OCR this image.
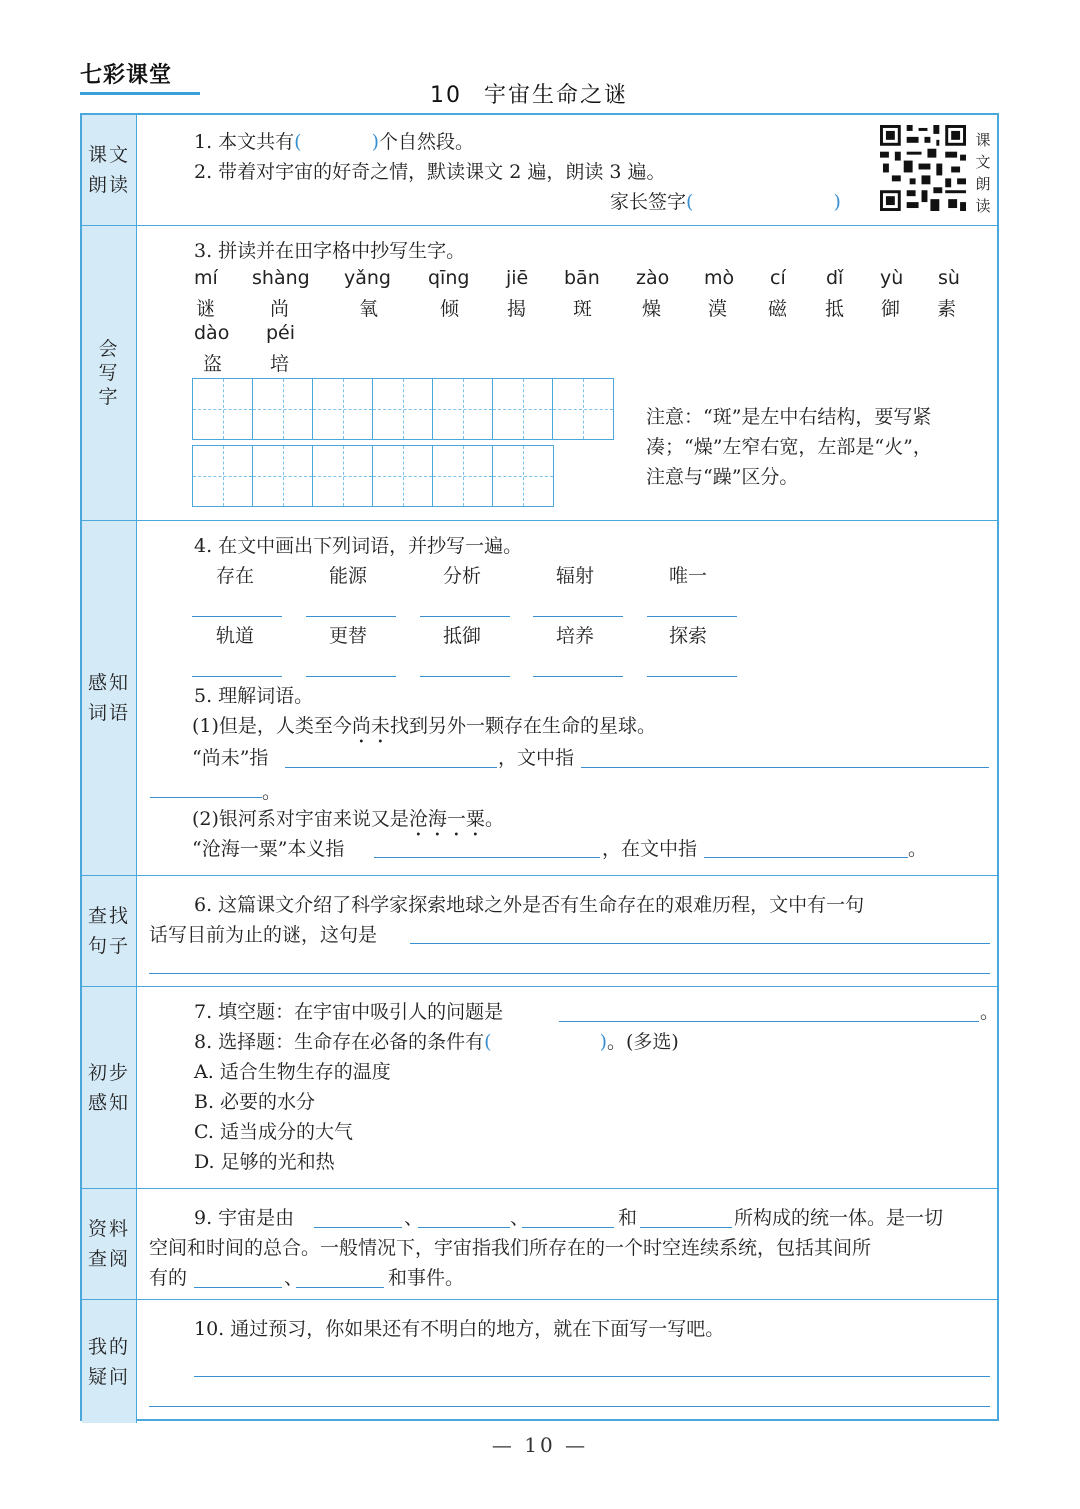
七彩课堂
10 宇宙生命之谜
课文朗读
1. 本文共有(	)个自然段。
2. 带着对宇宙的好奇之情，默读课文 2 遍，朗读 3 遍。
家长签字(	)
课文朗读
会写字
3. 拼读并在田字格中抄写生字。
mí shàng yǎng qīng jiē bān zào mò cí dǐ yù sù
谜	尚	氧	倾	揭 斑	燥 漠 磁 抵 御 素
dào péi
盗	培
注意：“斑”是左中右结构，要写紧
凑；“燥”左窄右宽，左部是“火”，
注意与“躁”区分。
感知词语
4. 在文中画出下列词语，并抄写一遍。
存在	能源	分析	辐射	唯一
轨道	更替	抵御	培养	探索
5. 理解词语。
(1)但是，人类至今尚未找到另外一颗存在生命的星球。
“尚未”指	，文中指
。
(2)银河系对宇宙来说又是沧海一粟。
“沧海一粟”本义指	，在文中指	。
查找句子
6. 这篇课文介绍了科学家探索地球之外是否有生命存在的艰难历程，文中有一句
话写目前为止的谜，这句是
初步感知
7. 填空题：在宇宙中吸引人的问题是	。
8. 选择题：生命存在必备的条件有(	)。(多选)
A. 适合生物生存的温度
B. 必要的水分
C. 适当成分的大气
D. 足够的光和热
资料查阅
9. 宇宙是由	、	、	和	所构成的统一体。是一切
空间和时间的总合。一般情况下，宇宙指我们所存在的一个时空连续系统，包括其间所
有的	、	和事件。
我的疑问
10. 通过预习，你如果还有不明白的地方，就在下面写一写吧。
— 10 —
